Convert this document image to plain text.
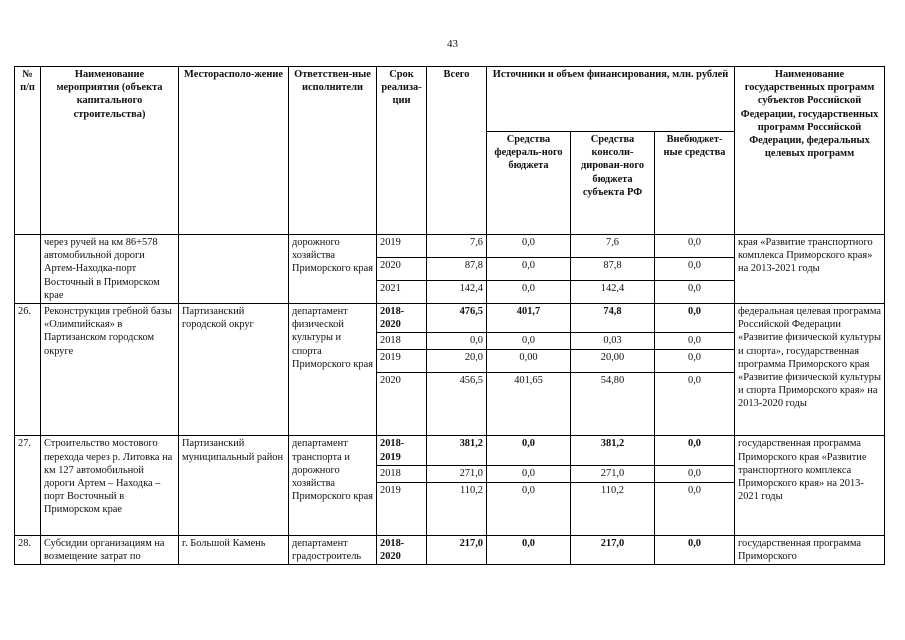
43
№ п/п	Наименование мероприятия (объекта капитального строительства)	Месторасполо-жение	Ответствен-ные исполнители	Срок реализа-ции	Всего	Источники и объем финансирования, млн. рублей			Наименование государственных программ субъектов Российской Федерации, государственных программ Российской Федерации, федеральных целевых программ
						Средства федераль-ного бюджета	Средства консоли-дирован-ного бюджета субъекта РФ	Внебюджет-ные средства	
	через ручей на км 86+578 автомобильной дороги Артем-Находка-порт Восточный в Приморском крае		дорожного хозяйства Приморского края	2019	7,6	0,0	7,6	0,0	края «Развитие транспортного комплекса Приморского края» на 2013-2021 годы
				2020	87,8	0,0	87,8	0,0	
				2021	142,4	0,0	142,4	0,0	
26.	Реконструкция гребной базы «Олимпийская» в Партизанском городском округе	Партизанский городской округ	департамент физической культуры и спорта Приморского края	2018-2020	476,5	401,7	74,8	0,0	федеральная целевая программа Российской Федерации «Развитие физической культуры и спорта», государственная программа Приморского края «Развитие физической культуры и спорта Приморского края» на 2013-2020 годы
				2018	0,0	0,0	0,03	0,0	
				2019	20,0	0,00	20,00	0,0	
				2020	456,5	401,65	54,80	0,0	
27.	Строительство мостового перехода через р. Литовка на км 127 автомобильной дороги Артем – Находка – порт Восточный в Приморском крае	Партизанский муниципальный район	департамент транспорта и дорожного хозяйства Приморского края	2018-2019	381,2	0,0	381,2	0,0	государственная программа Приморского края «Развитие транспортного комплекса Приморского края» на 2013-2021 годы
				2018	271,0	0,0	271,0	0,0	
				2019	110,2	0,0	110,2	0,0	
28.	Субсидии организациям на возмещение затрат по	г. Большой Камень	департамент градостроитель	2018-2020	217,0	0,0	217,0	0,0	государственная программа Приморского
